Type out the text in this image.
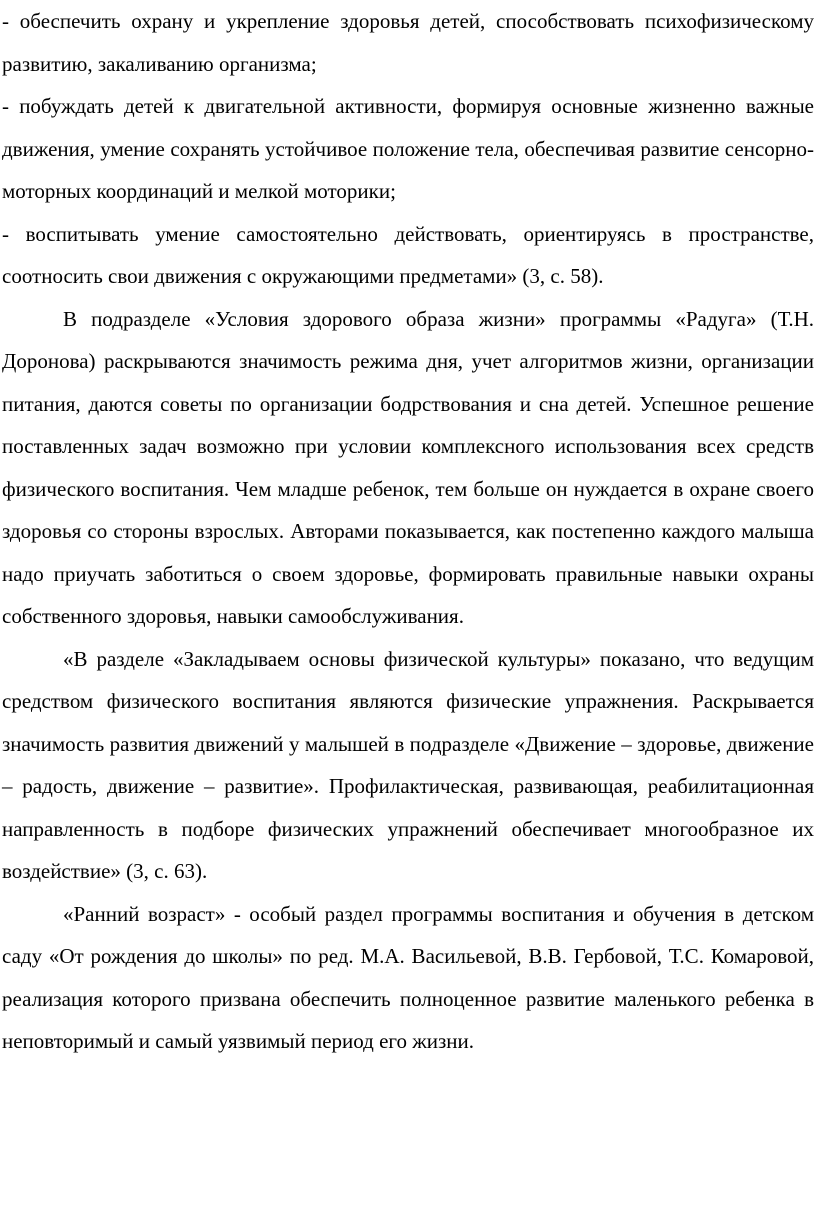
- обеспечить охрану и укрепление здоровья детей, способствовать психофизическому развитию, закаливанию организма;

- побуждать детей к двигательной активности, формируя основные жизненно важные движения, умение сохранять устойчивое положение тела, обеспечивая развитие сенсорно-моторных координаций и мелкой моторики;

- воспитывать умение самостоятельно действовать, ориентируясь в пространстве, соотносить свои движения с окружающими предметами» (3, с. 58).

В подразделе «Условия здорового образа жизни» программы «Радуга» (Т.Н. Доронова) раскрываются значимость режима дня, учет алгоритмов жизни, организации питания, даются советы по организации бодрствования и сна детей. Успешное решение поставленных задач возможно при условии комплексного использования всех средств физического воспитания. Чем младше ребенок, тем больше он нуждается в охране своего здоровья со стороны взрослых. Авторами показывается, как постепенно каждого малыша надо приучать заботиться о своем здоровье, формировать правильные навыки охраны собственного здоровья, навыки самообслуживания.

«В разделе «Закладываем основы физической культуры» показано, что ведущим средством физического воспитания являются физические упражнения. Раскрывается значимость развития движений у малышей в подразделе «Движение – здоровье, движение – радость, движение – развитие». Профилактическая, развивающая, реабилитационная направленность в подборе физических упражнений обеспечивает многообразное их воздействие» (3, с. 63).

«Ранний возраст» - особый раздел программы воспитания и обучения в детском саду «От рождения до школы» по ред. М.А. Васильевой, В.В. Гербовой, Т.С. Комаровой, реализация которого призвана обеспечить полноценное развитие маленького ребенка в неповторимый и самый уязвимый период его жизни.
